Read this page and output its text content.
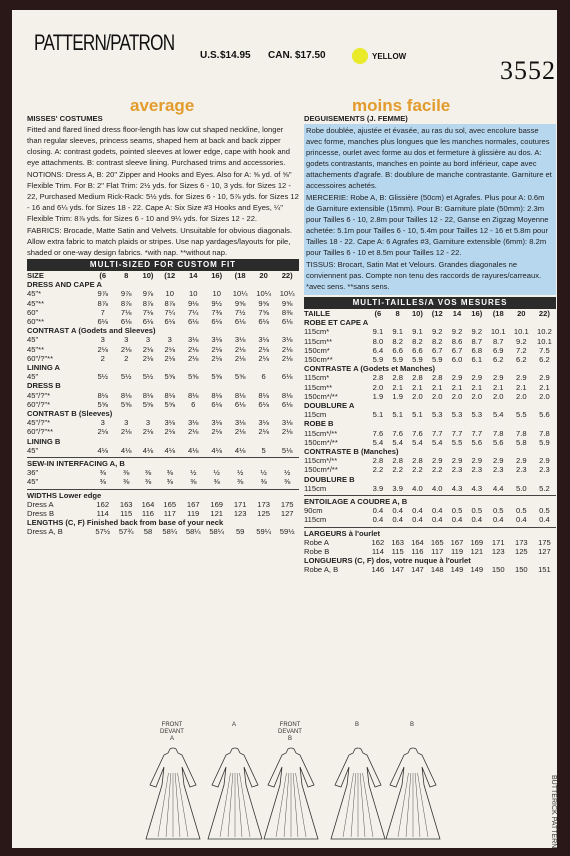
PATTERN/PATRON
U.S. $14.95 CAN. $17.50	YELLOW	3552
average	moins facile
MISSES' COSTUMES

Fitted and flared lined dress floor-length has low cut shaped neckline, longer than regular sleeves, princess seams, shaped hem at back and back zipper closing. A: contrast godets, pointed sleeves at lower edge, cape with hook and eye attachments. B: contrast sleeve lining. Purchased trims and accessories.

NOTIONS: Dress A, B: 20" Zipper and Hooks and Eyes. Also for A: ⅝ yd. of ⅝" Flexible Trim. For B: 2" Flat Trim: 2½ yds. for Sizes 6 - 10, 3 yds. for Sizes 12 - 22, Purchased Medium Rick-Rack: 5½ yds. for Sizes 6 - 10, 5⅞ yds. for Sizes 12 - 16 and 6¼ yds. for Sizes 18 - 22. Cape A: Six Size #3 Hooks and Eyes, ¼" Flexible Trim: 8⅞ yds. for Sizes 6 - 10 and 9¼ yds. for Sizes 12 - 22.

FABRICS: Brocade, Matte Satin and Velvets. Unsuitable for obvious diagonals. Allow extra fabric to match plaids or stripes. Use nap yardages/layouts for pile, shaded or one-way design fabrics. *with nap. **without nap.

MULTI-SIZED FOR CUSTOM FIT
SIZE	(6	8	10)	(12	14	16)	(18	20	22)
DRESS AND CAPE A									
45"*	9⅞	9⅞	9⅞	10	10	10	10¼	10¼	10¼
45"**	8⅞	8⅞	8⅞	8⅞	9⅛	9½	9⅝	9⅝	9⅝
60"	7	7⅛	7⅛	7¼	7¼	7⅜	7½	7⅝	8⅜
60"**	6⅛	6⅛	6⅛	6⅛	6⅛	6⅛	6⅛	6⅛	6⅛
CONTRAST A (Godets and Sleeves)									
45"	3	3	3	3	3⅛	3⅛	3⅛	3⅛	3⅛
45"**	2⅛	2⅛	2⅛	2⅛	2⅛	2⅛	2⅛	2⅛	2⅛
60"/?"**	2	2	2⅛	2⅛	2⅛	2⅛	2⅛	2⅛	2⅛
LINING A									
45"	5½	5½	5½	5⅝	5⅝	5⅝	5⅝	6	6⅛
DRESS B									
45"/?"*	8⅛	8⅛	8⅛	8⅛	8⅛	8⅛	8⅛	8⅛	8⅛
60"/?"*	5⅝	5⅝	5⅝	5⅝	6	6⅛	6⅛	6⅛	6⅛
CONTRAST B (Sleeves)									
45"/?"*	3	3	3	3⅛	3⅛	3⅛	3⅛	3⅛	3⅛
60"/?"**	2⅛	2⅛	2⅛	2⅛	2⅛	2⅛	2⅛	2⅛	2⅛
LINING B									
45"	4⅛	4⅛	4⅛	4⅛	4⅛	4⅛	4⅛	5	5⅛

SEW-IN INTERFACING A, B									
36"	⅜	⅜	⅜	⅜	½	½	½	½	½
45"	⅜	⅜	⅜	⅜	⅜	⅜	⅜	⅜	⅜

WIDTHS Lower edge									
Dress A	162	163	164	165	167	169	171	173	175
Dress B	114	115	116	117	119	121	123	125	127
LENGTHS (C, F) Finished back from base of your neck									
Dress A, B	57½	57¾	58	58¼	58¼	58¼	59	59¼	59½
DEGUISEMENTS (J. FEMME)

Robe doublée, ajustée et évasée, au ras du sol, avec encolure basse avec forme, manches plus longues que les manches normales, coutures princesse, ourlet avec forme au dos et fermeture à glissière au dos. A: godets contrastants, manches en pointe au bord inférieur, cape avec attachements d'agrafe. B: doublure de manche contrastante. Garniture et accessoires achetés.

MERCERIE: Robe A, B: Glissière (50cm) et Agrafes. Plus pour A: 0.6m de Garniture extensible (15mm). Pour B: Garniture plate (50mm): 2.3m pour Tailles 6 - 10, 2.8m pour Tailles 12 - 22, Ganse en Zigzag Moyenne achetée: 5.1m pour Tailles 6 - 10, 5.4m pour Tailles 12 - 16 et 5.8m pour Tailles 18 - 22. Cape A: 6 Agrafes #3, Garniture extensible (6mm): 8.2m pour Tailles 6 - 10 et 8.5m pour Tailles 12 - 22.

TISSUS: Brocart, Satin Mat et Velours. Grandes diagonales ne conviennent pas. Compte non tenu des raccords de rayures/carreaux. *avec sens. **sans sens.

MULTI-TAILLES/A VOS MESURES
TAILLE	(6	8	10)	(12	14	16)	(18	20	22)
ROBE ET CAPE A									
115cm*	9.1	9.1	9.1	9.2	9.2	9.2	10.1	10.1	10.2
115cm**	8.0	8.2	8.2	8.2	8.6	8.7	8.7	9.2	10.1
150cm*	6.4	6.6	6.6	6.7	6.7	6.8	6.9	7.2	7.5
150cm**	5.9	5.9	5.9	5.9	6.0	6.1	6.2	6.2	6.2
CONTRASTE A (Godets et Manches)									
115cm*	2.8	2.8	2.8	2.8	2.9	2.9	2.9	2.9	2.9
115cm**	2.0	2.1	2.1	2.1	2.1	2.1	2.1	2.1	2.1
150cm*/**	1.9	1.9	2.0	2.0	2.0	2.0	2.0	2.0	2.0
DOUBLURE A									
115cm	5.1	5.1	5.1	5.3	5.3	5.3	5.4	5.5	5.6
ROBE B									
115cm*/**	7.6	7.6	7.6	7.7	7.7	7.7	7.8	7.8	7.8
150cm*/**	5.4	5.4	5.4	5.4	5.5	5.6	5.6	5.8	5.9
CONTRASTE B (Manches)									
115cm*/**	2.8	2.8	2.8	2.9	2.9	2.9	2.9	2.9	2.9
150cm*/**	2.2	2.2	2.2	2.2	2.3	2.3	2.3	2.3	2.3
DOUBLURE B									
115cm	3.9	3.9	4.0	4.0	4.3	4.3	4.4	5.0	5.2

ENTOILAGE A COUDRE A, B									
90cm	0.4	0.4	0.4	0.4	0.5	0.5	0.5	0.5	0.5
115cm	0.4	0.4	0.4	0.4	0.4	0.4	0.4	0.4	0.4

LARGEURS à l'ourlet									
Robe A	162	163	164	165	167	169	171	173	175
Robe B	114	115	116	117	119	121	123	125	127
LONGUEURS (C, F) dos, votre nuque à l'ourlet									
Robe A, B	146	147	147	148	149	149	150	150	151
FRONT
DEVANT
A
A	FRONT
DEVANT
B
B	B
BUTTERICK PATTERN
